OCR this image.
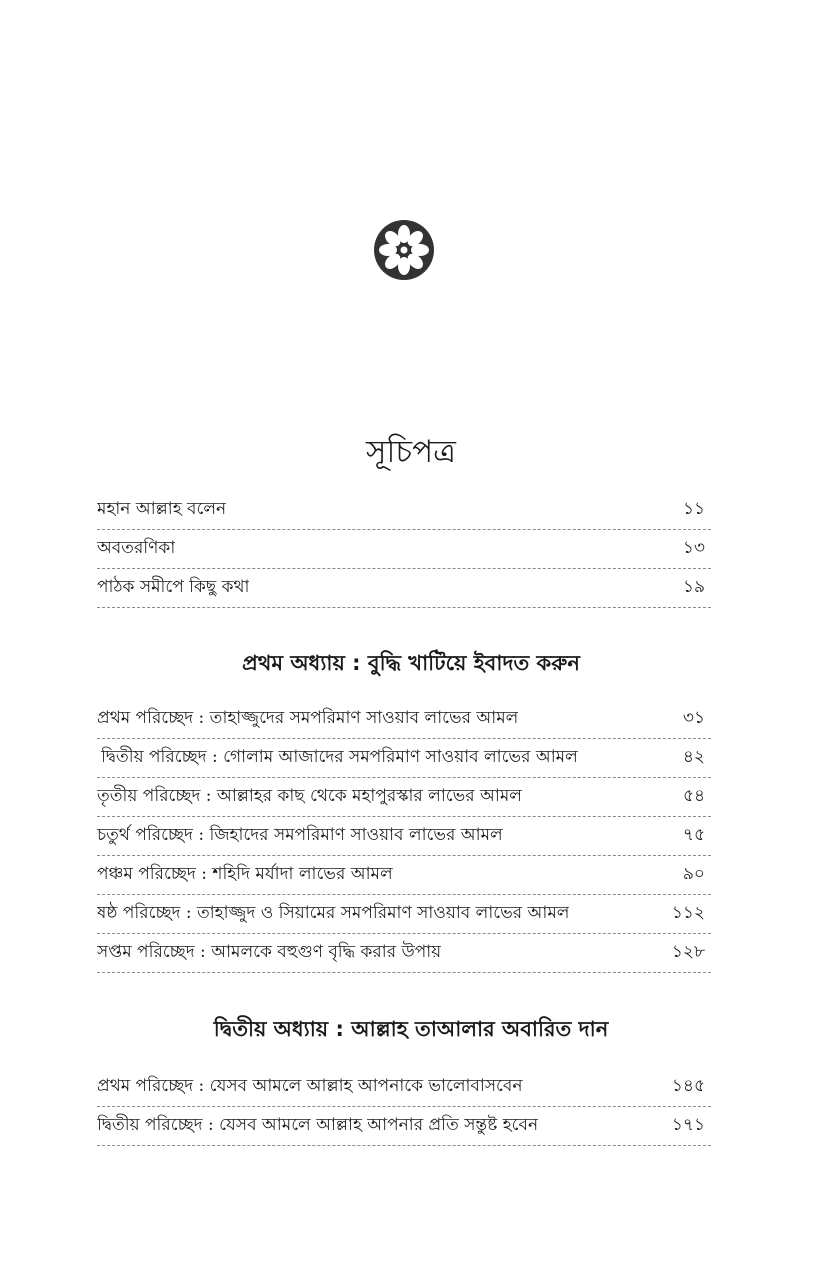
সূচিপত্র
মহান আল্লাহ বলেন	১১
অবতরণিকা	১৩
পাঠক সমীপে কিছু কথা	১৯
প্রথম অধ্যায় : বুদ্ধি খাটিয়ে ইবাদত করুন
প্রথম পরিচ্ছেদ : তাহাজ্জুদের সমপরিমাণ সাওয়াব লাভের আমল	৩১
দ্বিতীয় পরিচ্ছেদ : গোলাম আজাদের সমপরিমাণ সাওয়াব লাভের আমল	৪২
তৃতীয় পরিচ্ছেদ : আল্লাহর কাছ থেকে মহাপুরস্কার লাভের আমল	৫৪
চতুর্থ পরিচ্ছেদ : জিহাদের সমপরিমাণ সাওয়াব লাভের আমল	৭৫
পঞ্চম পরিচ্ছেদ : শহিদি মর্যাদা লাভের আমল	৯০
ষষ্ঠ পরিচ্ছেদ : তাহাজ্জুদ ও সিয়ামের সমপরিমাণ সাওয়াব লাভের আমল	১১২
সপ্তম পরিচ্ছেদ : আমলকে বহুগুণ বৃদ্ধি করার উপায়	১২৮
দ্বিতীয় অধ্যায় : আল্লাহ তাআলার অবারিত দান
প্রথম পরিচ্ছেদ : যেসব আমলে আল্লাহ আপনাকে ভালোবাসবেন	১৪৫
দ্বিতীয় পরিচ্ছেদ : যেসব আমলে আল্লাহ আপনার প্রতি সন্তুষ্ট হবেন	১৭১
